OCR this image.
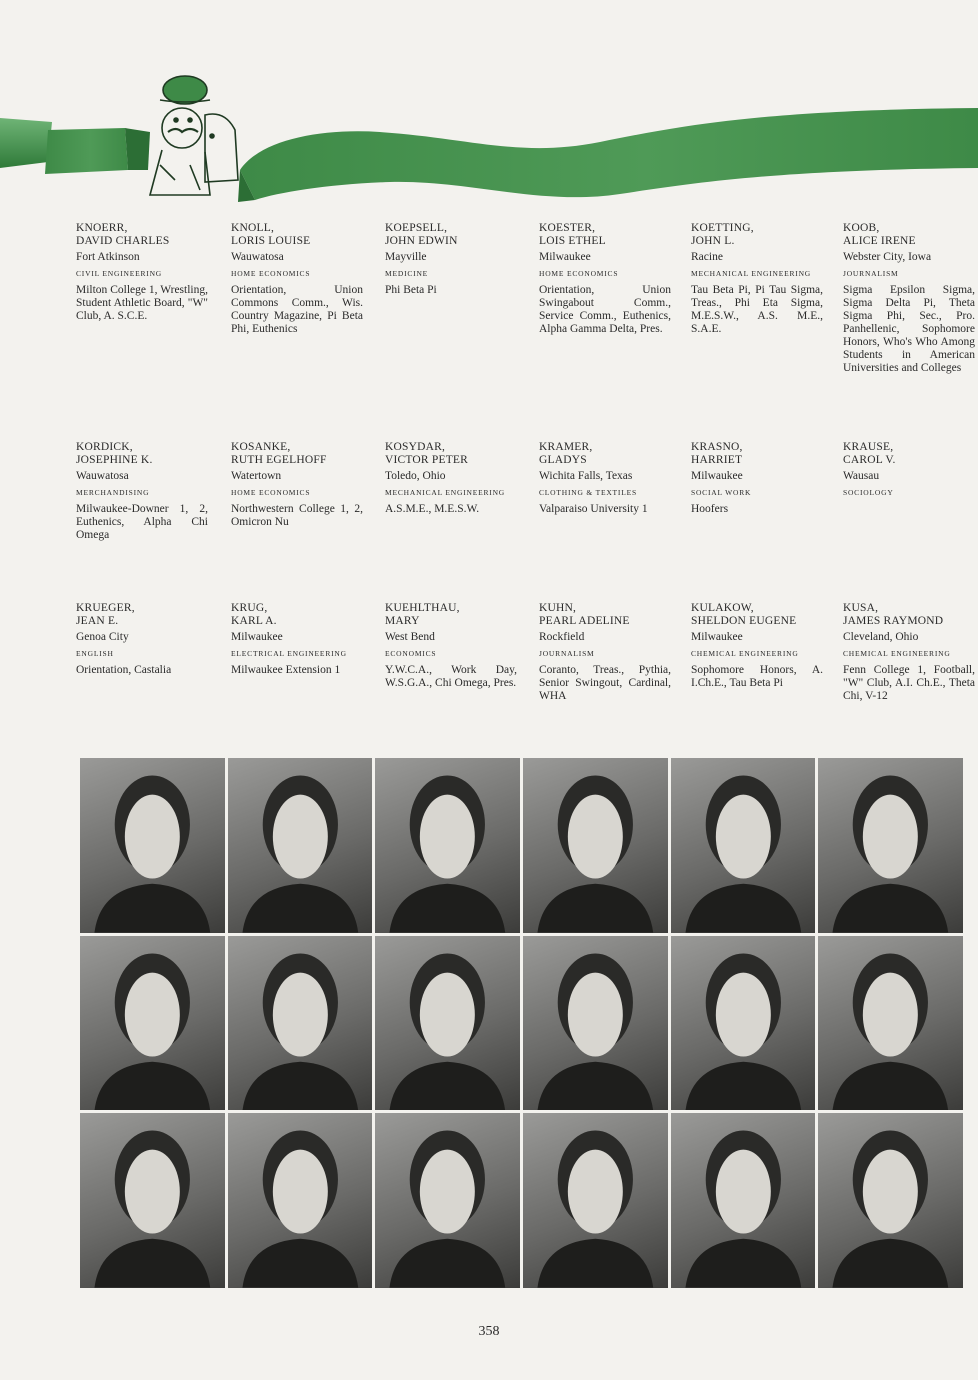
KNOERR,
DAVID CHARLES
Fort Atkinson
CIVIL ENGINEERING
Milton College 1, Wrestling, Student Athletic Board, "W" Club, A. S.C.E.
KNOLL,
LORIS LOUISE
Wauwatosa
HOME ECONOMICS
Orientation, Union Commons Comm., Wis. Country Magazine, Pi Beta Phi, Euthenics
KOEPSELL,
JOHN EDWIN
Mayville
MEDICINE
Phi Beta Pi
KOESTER,
LOIS ETHEL
Milwaukee
HOME ECONOMICS
Orientation, Union Swingabout Comm., Service Comm., Euthenics, Alpha Gamma Delta, Pres.
KOETTING,
JOHN L.
Racine
MECHANICAL ENGINEERING
Tau Beta Pi, Pi Tau Sigma, Treas., Phi Eta Sigma, M.E.S.W., A.S. M.E., S.A.E.
KOOB,
ALICE IRENE
Webster City, Iowa
JOURNALISM
Sigma Epsilon Sigma, Sigma Delta Pi, Theta Sigma Phi, Sec., Pro. Panhellenic, Sophomore Honors, Who's Who Among Students in American Universities and Colleges
KORDICK,
JOSEPHINE K.
Wauwatosa
MERCHANDISING
Milwaukee-Downer 1, 2, Euthenics, Alpha Chi Omega
KOSANKE,
RUTH EGELHOFF
Watertown
HOME ECONOMICS
Northwestern College 1, 2, Omicron Nu
KOSYDAR,
VICTOR PETER
Toledo, Ohio
MECHANICAL ENGINEERING
A.S.M.E., M.E.S.W.
KRAMER,
GLADYS
Wichita Falls, Texas
CLOTHING & TEXTILES
Valparaiso University 1
KRASNO,
HARRIET
Milwaukee
SOCIAL WORK
Hoofers
KRAUSE,
CAROL V.
Wausau
SOCIOLOGY
KRUEGER,
JEAN E.
Genoa City
ENGLISH
Orientation, Castalia
KRUG,
KARL A.
Milwaukee
ELECTRICAL ENGINEERING
Milwaukee Extension 1
KUEHLTHAU,
MARY
West Bend
ECONOMICS
Y.W.C.A., Work Day, W.S.G.A., Chi Omega, Pres.
KUHN,
PEARL ADELINE
Rockfield
JOURNALISM
Coranto, Treas., Pythia, Senior Swingout, Cardinal, WHA
KULAKOW,
SHELDON EUGENE
Milwaukee
CHEMICAL ENGINEERING
Sophomore Honors, A. I.Ch.E., Tau Beta Pi
KUSA,
JAMES RAYMOND
Cleveland, Ohio
CHEMICAL ENGINEERING
Fenn College 1, Football, "W" Club, A.I. Ch.E., Theta Chi, V-12
358
